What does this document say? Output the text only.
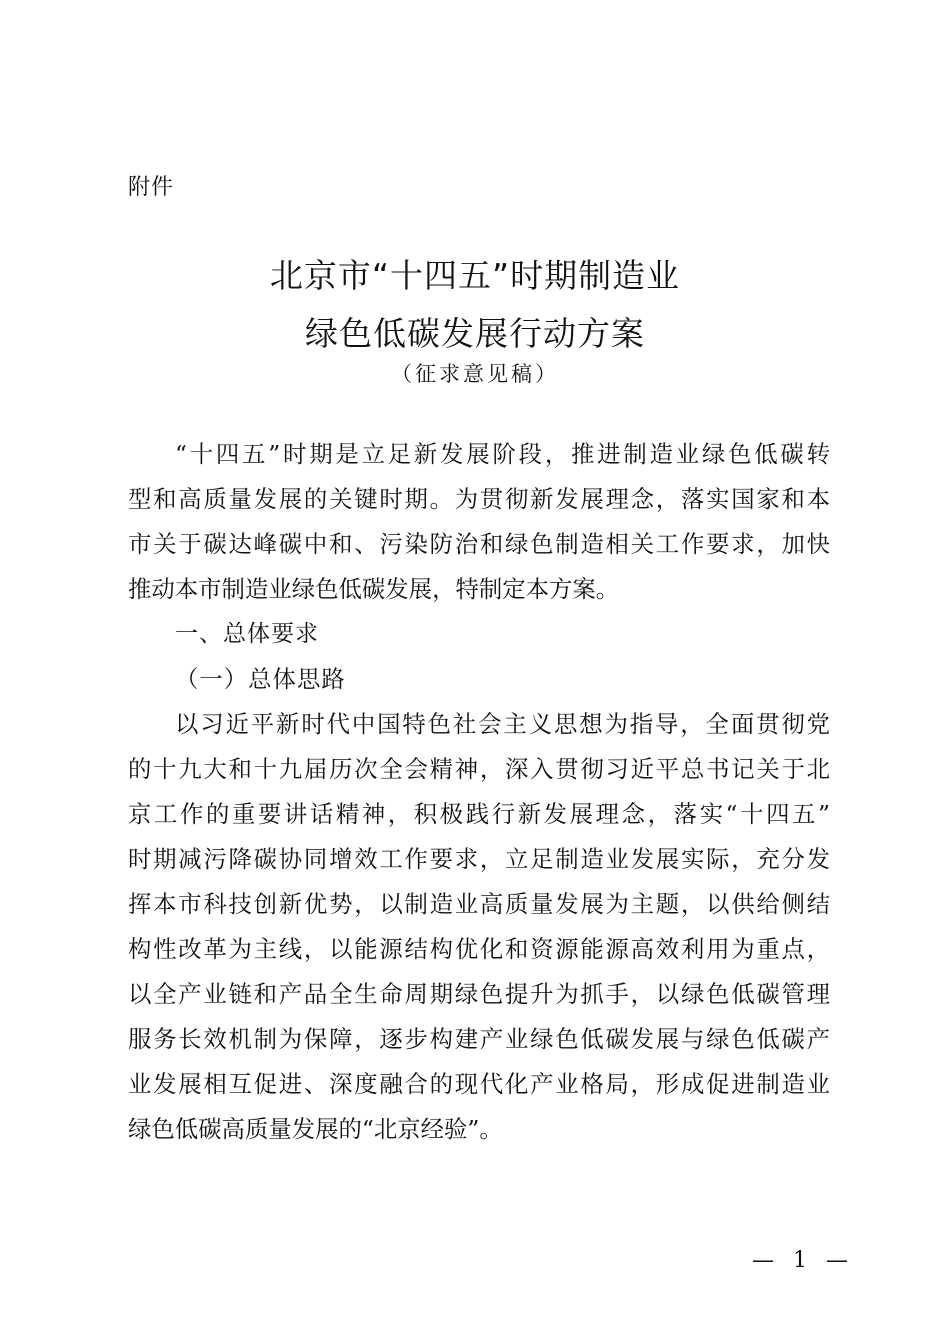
附件

北京市“十四五”时期制造业
绿色低碳发展行动方案

（征求意见稿）

“十四五”时期是立足新发展阶段，推进制造业绿色低碳转

型和高质量发展的关键时期。为贯彻新发展理念，落实国家和本

市关于碳达峰碳中和、污染防治和绿色制造相关工作要求，加快

推动本市制造业绿色低碳发展，特制定本方案。

一、总体要求
（一）总体思路

以习近平新时代中国特色社会主义思想为指导，全面贯彻党

的十九大和十九届历次全会精神，深入贯彻习近平总书记关于北

京工作的重要讲话精神，积极践行新发展理念，落实“十四五”

时期减污降碳协同增效工作要求，立足制造业发展实际，充分发

挥本市科技创新优势，以制造业高质量发展为主题，以供给侧结

构性改革为主线，以能源结构优化和资源能源高效利用为重点，

以全产业链和产品全生命周期绿色提升为抓手，以绿色低碳管理

服务长效机制为保障，逐步构建产业绿色低碳发展与绿色低碳产

业发展相互促进、深度融合的现代化产业格局，形成促进制造业

绿色低碳高质量发展的“北京经验”。

— 1 —
